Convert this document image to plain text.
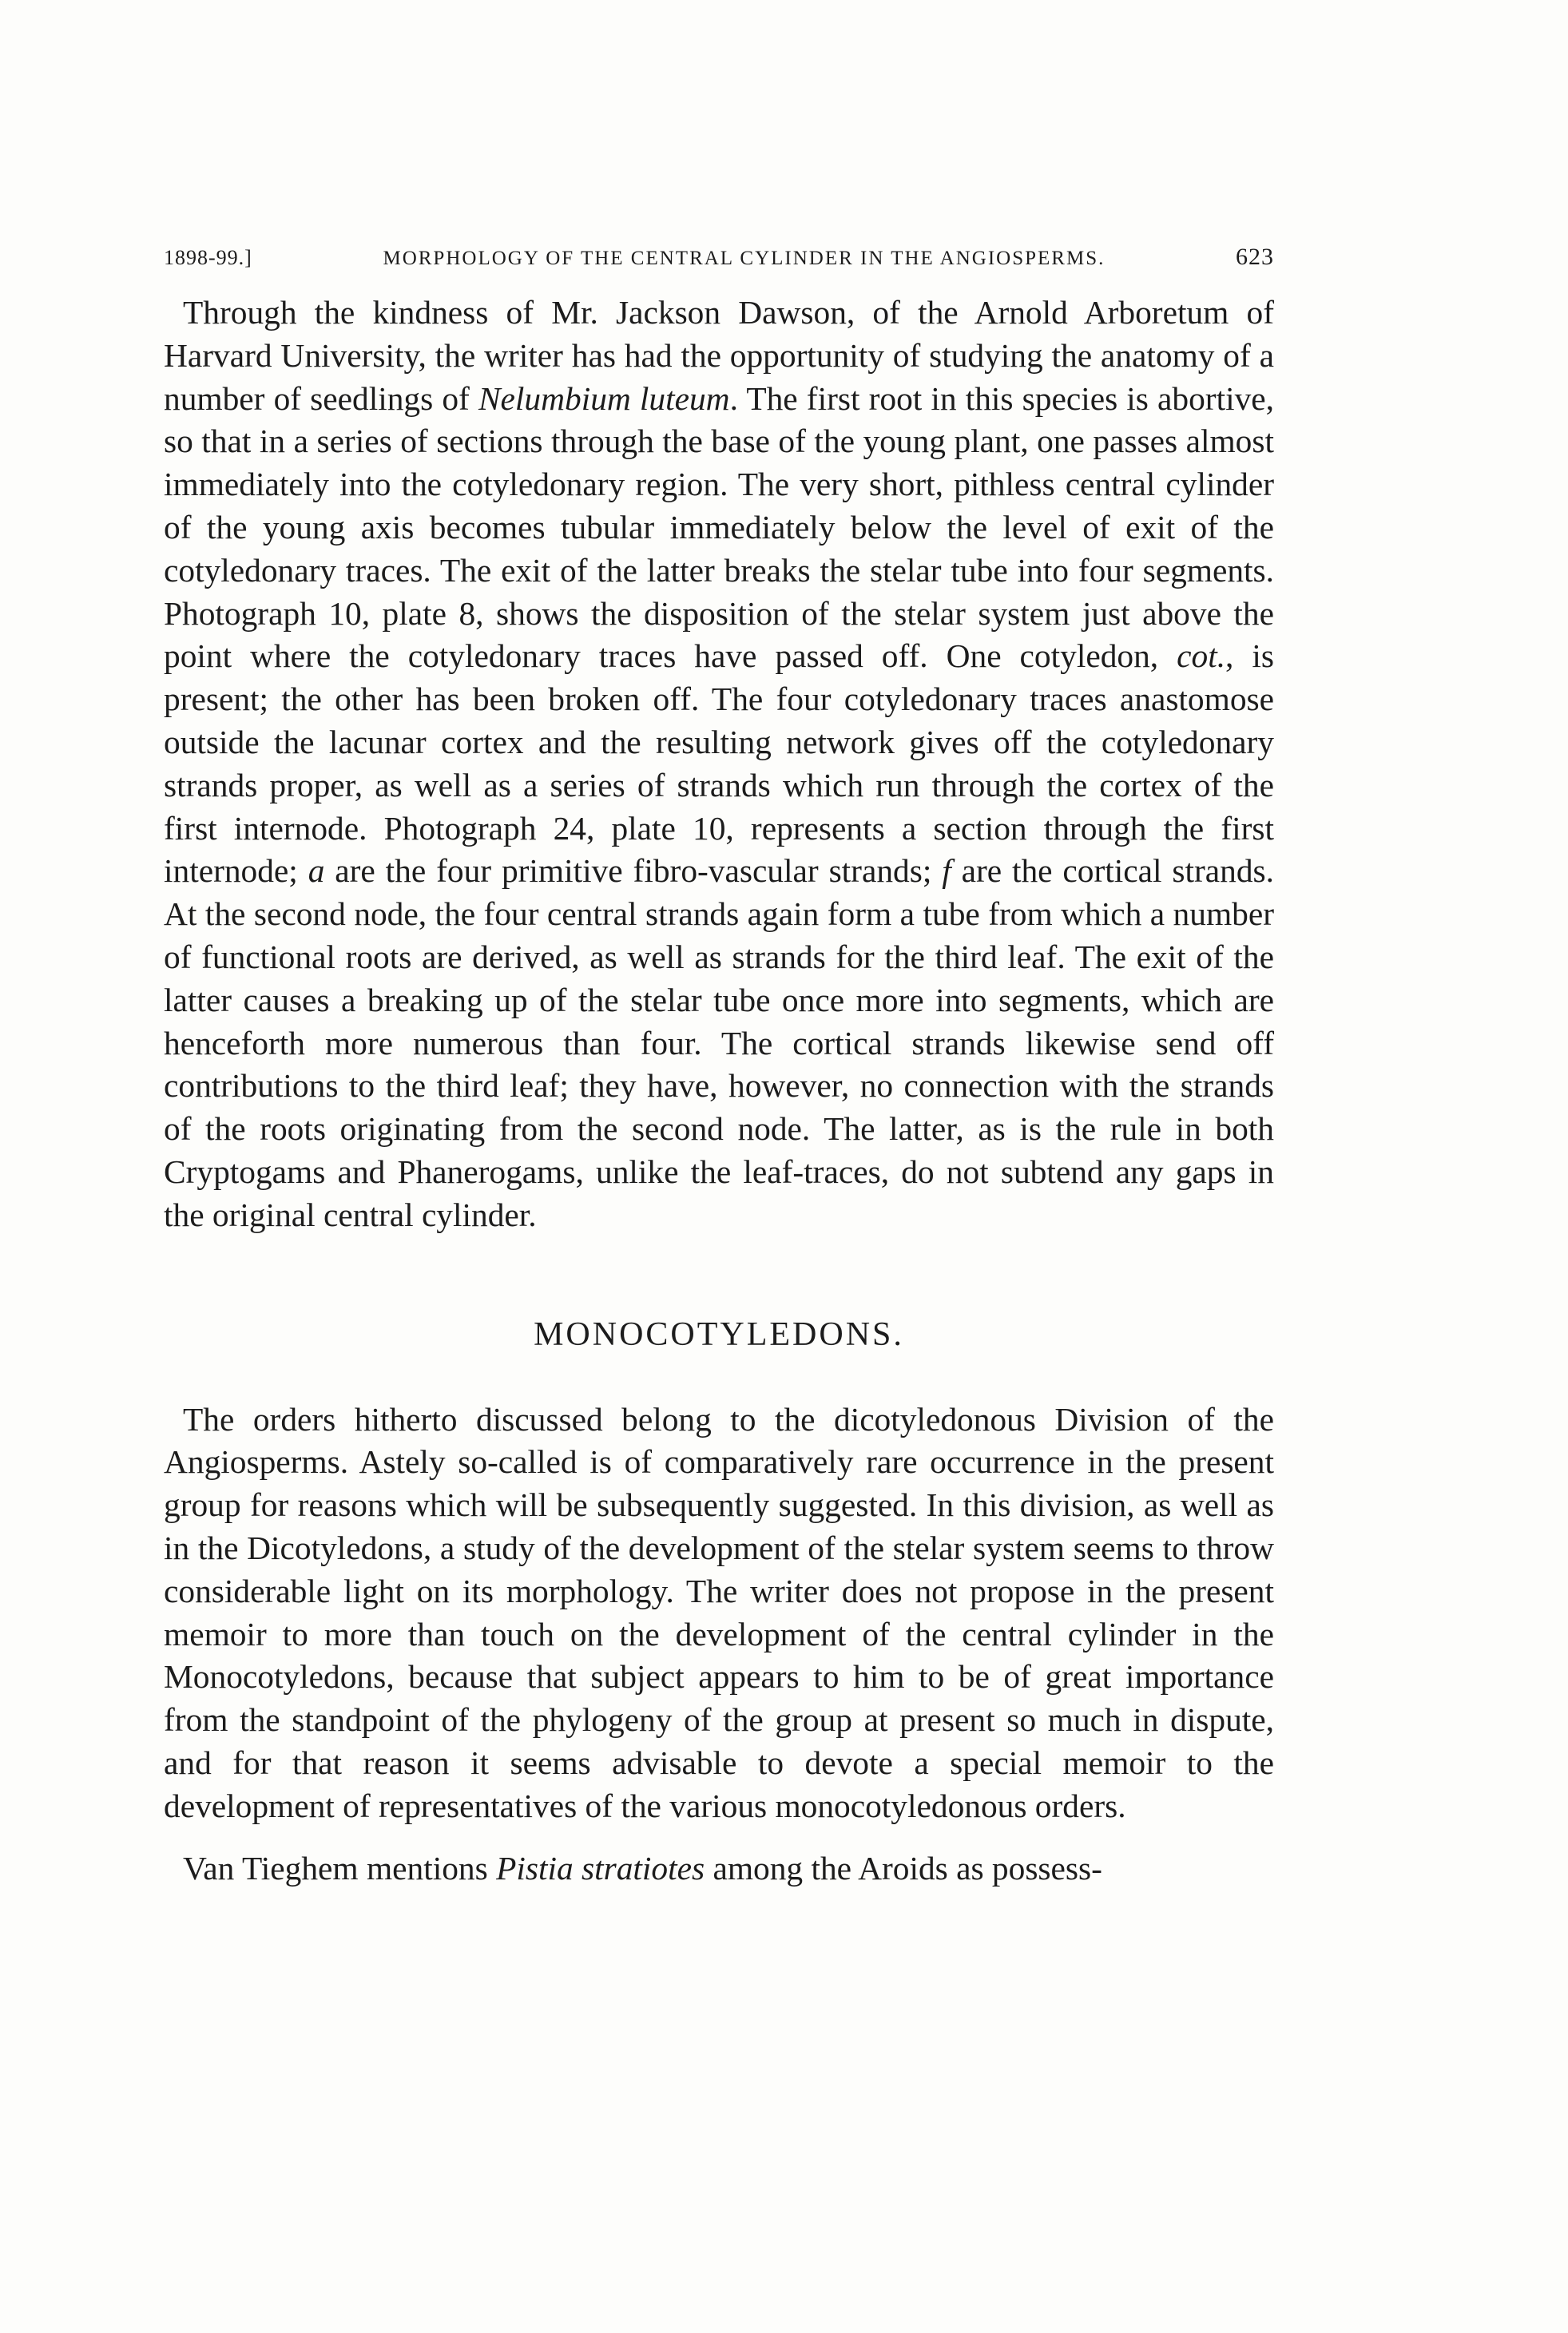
1898-99.]	MORPHOLOGY OF THE CENTRAL CYLINDER IN THE ANGIOSPERMS.	623

Through the kindness of Mr. Jackson Dawson, of the Arnold Arboretum of Harvard University, the writer has had the opportunity of studying the anatomy of a number of seedlings of Nelumbium luteum. The first root in this species is abortive, so that in a series of sections through the base of the young plant, one passes almost immediately into the cotyledonary region. The very short, pithless central cylinder of the young axis becomes tubular immediately below the level of exit of the cotyledonary traces. The exit of the latter breaks the stelar tube into four segments. Photograph 10, plate 8, shows the disposition of the stelar system just above the point where the cotyledonary traces have passed off. One cotyledon, cot., is present; the other has been broken off. The four cotyledonary traces anastomose outside the lacunar cortex and the resulting network gives off the cotyledonary strands proper, as well as a series of strands which run through the cortex of the first internode. Photograph 24, plate 10, represents a section through the first internode; a are the four primitive fibro-vascular strands; f are the cortical strands. At the second node, the four central strands again form a tube from which a number of functional roots are derived, as well as strands for the third leaf. The exit of the latter causes a breaking up of the stelar tube once more into segments, which are henceforth more numerous than four. The cortical strands likewise send off contributions to the third leaf; they have, however, no connection with the strands of the roots originating from the second node. The latter, as is the rule in both Cryptogams and Phanerogams, unlike the leaf-traces, do not subtend any gaps in the original central cylinder.

MONOCOTYLEDONS.

The orders hitherto discussed belong to the dicotyledonous Division of the Angiosperms. Astely so-called is of comparatively rare occurrence in the present group for reasons which will be subsequently suggested. In this division, as well as in the Dicotyledons, a study of the development of the stelar system seems to throw considerable light on its morphology. The writer does not propose in the present memoir to more than touch on the development of the central cylinder in the Monocotyledons, because that subject appears to him to be of great importance from the standpoint of the phylogeny of the group at present so much in dispute, and for that reason it seems advisable to devote a special memoir to the development of representatives of the various monocotyledonous orders.

Van Tieghem mentions Pistia stratiotes among the Aroids as possess-
